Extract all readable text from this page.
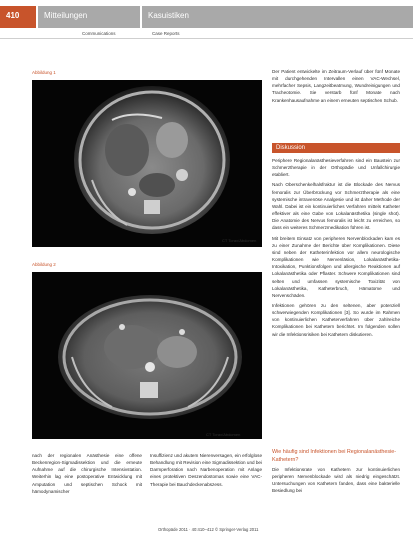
410	Mitteilungen	Kasuistiken
Communications	Case Reports
Abbildung 1
CT Torax/Abdomen
Abbildung 2
CT Torax/Abdomen

Der Patient entwickelte im Zeitraum-Verlauf über fünf Monate mit durchgehenden Intervallen einen VAC-Wechsel, mehrfacher Sepsis, Langzeitbeatmung, Wundreinigungen und Tracheotomie. Sie verstarb fünf Monate nach Krankenhausaufnahme an einem erneuten septischen Schub.

Diskussion

Periphere Regionalanästhesieverfahren sind ein Baustein zur Schmerztherapie in der Orthopädie und Unfallchirurgie etabliert.

Nach Oberschenkelhalsfraktur ist die Blockade des Nervus femoralis zur Überbrückung vor Schmerztherapie als eine systemische intravenöse Analgesie und ist daher Methode der Wahl. Dabei ist ein kontinuierliches Verfahren mittels Katheter effektiver als eine Gabe von Lokalanästhetika (single shot). Die Anatomie des Nervus femoralis ist leicht zu erreichen, so dass ein weiteres Schmerzmedikation führen ist.

Mit breitem Einsatz von peripheren Nervenblockaden kam es zu einer Zunahme der Berichte über Komplikationen. Diese sind neben der Katheterinfektion vor allem neurologische Komplikationen wie Nervenläsion, Lokalanästhetika-Intoxikation, Punktionsfolgen und allergische Reaktionen auf Lokalanästhetika oder Pflaster. Schwere Komplikationen sind selten und umfassen systemische Toxizität von Lokalanästhetika, Katheterbruch, Hämatome und Nervenschäden.

Infektionen gehören zu den seltenen, aber potenziell schwerwiegenden Komplikationen [3]. So wurde im Rahmen von kontinuierlichen Katheterverfahren über zahlreiche Komplikationen bei Kathetern berichtet. Im folgenden sollen wir die Infektionsrisiken bei Kathetern diskutieren.

Wie häufig sind Infektionen bei Regionalanästhesie-Kathetern?

Die Infektionsrate von Kathetern zur kontinuierlichen peripheren Nervenblockade wird als niedrig eingeschätzt. Untersuchungen von Kathetern fanden, dass eine bakterielle Besiedlung bei

nach der regionalen Anästhesie eine offene Beckenregion-Sigmadissektion und die erneute Aufnahme auf die chirurgische Intensivstation. Weiterhin lag eine postoperative Entwicklung mit Amputation und septischen Schock mit hämodynamischer

Insuffizienz und akutem Nierenversagen, ein erfolglose Behandlung mit Revision eine Sigmadissektion und bei Darmperforation nach Narbenoperation mit Anlage eines protektiven Deszendostomas sowie eine VAC-Therapie bei Bauchdeckenabszess.

Orthopäde 2011 · 40:410–412 © Springer-Verlag 2011
